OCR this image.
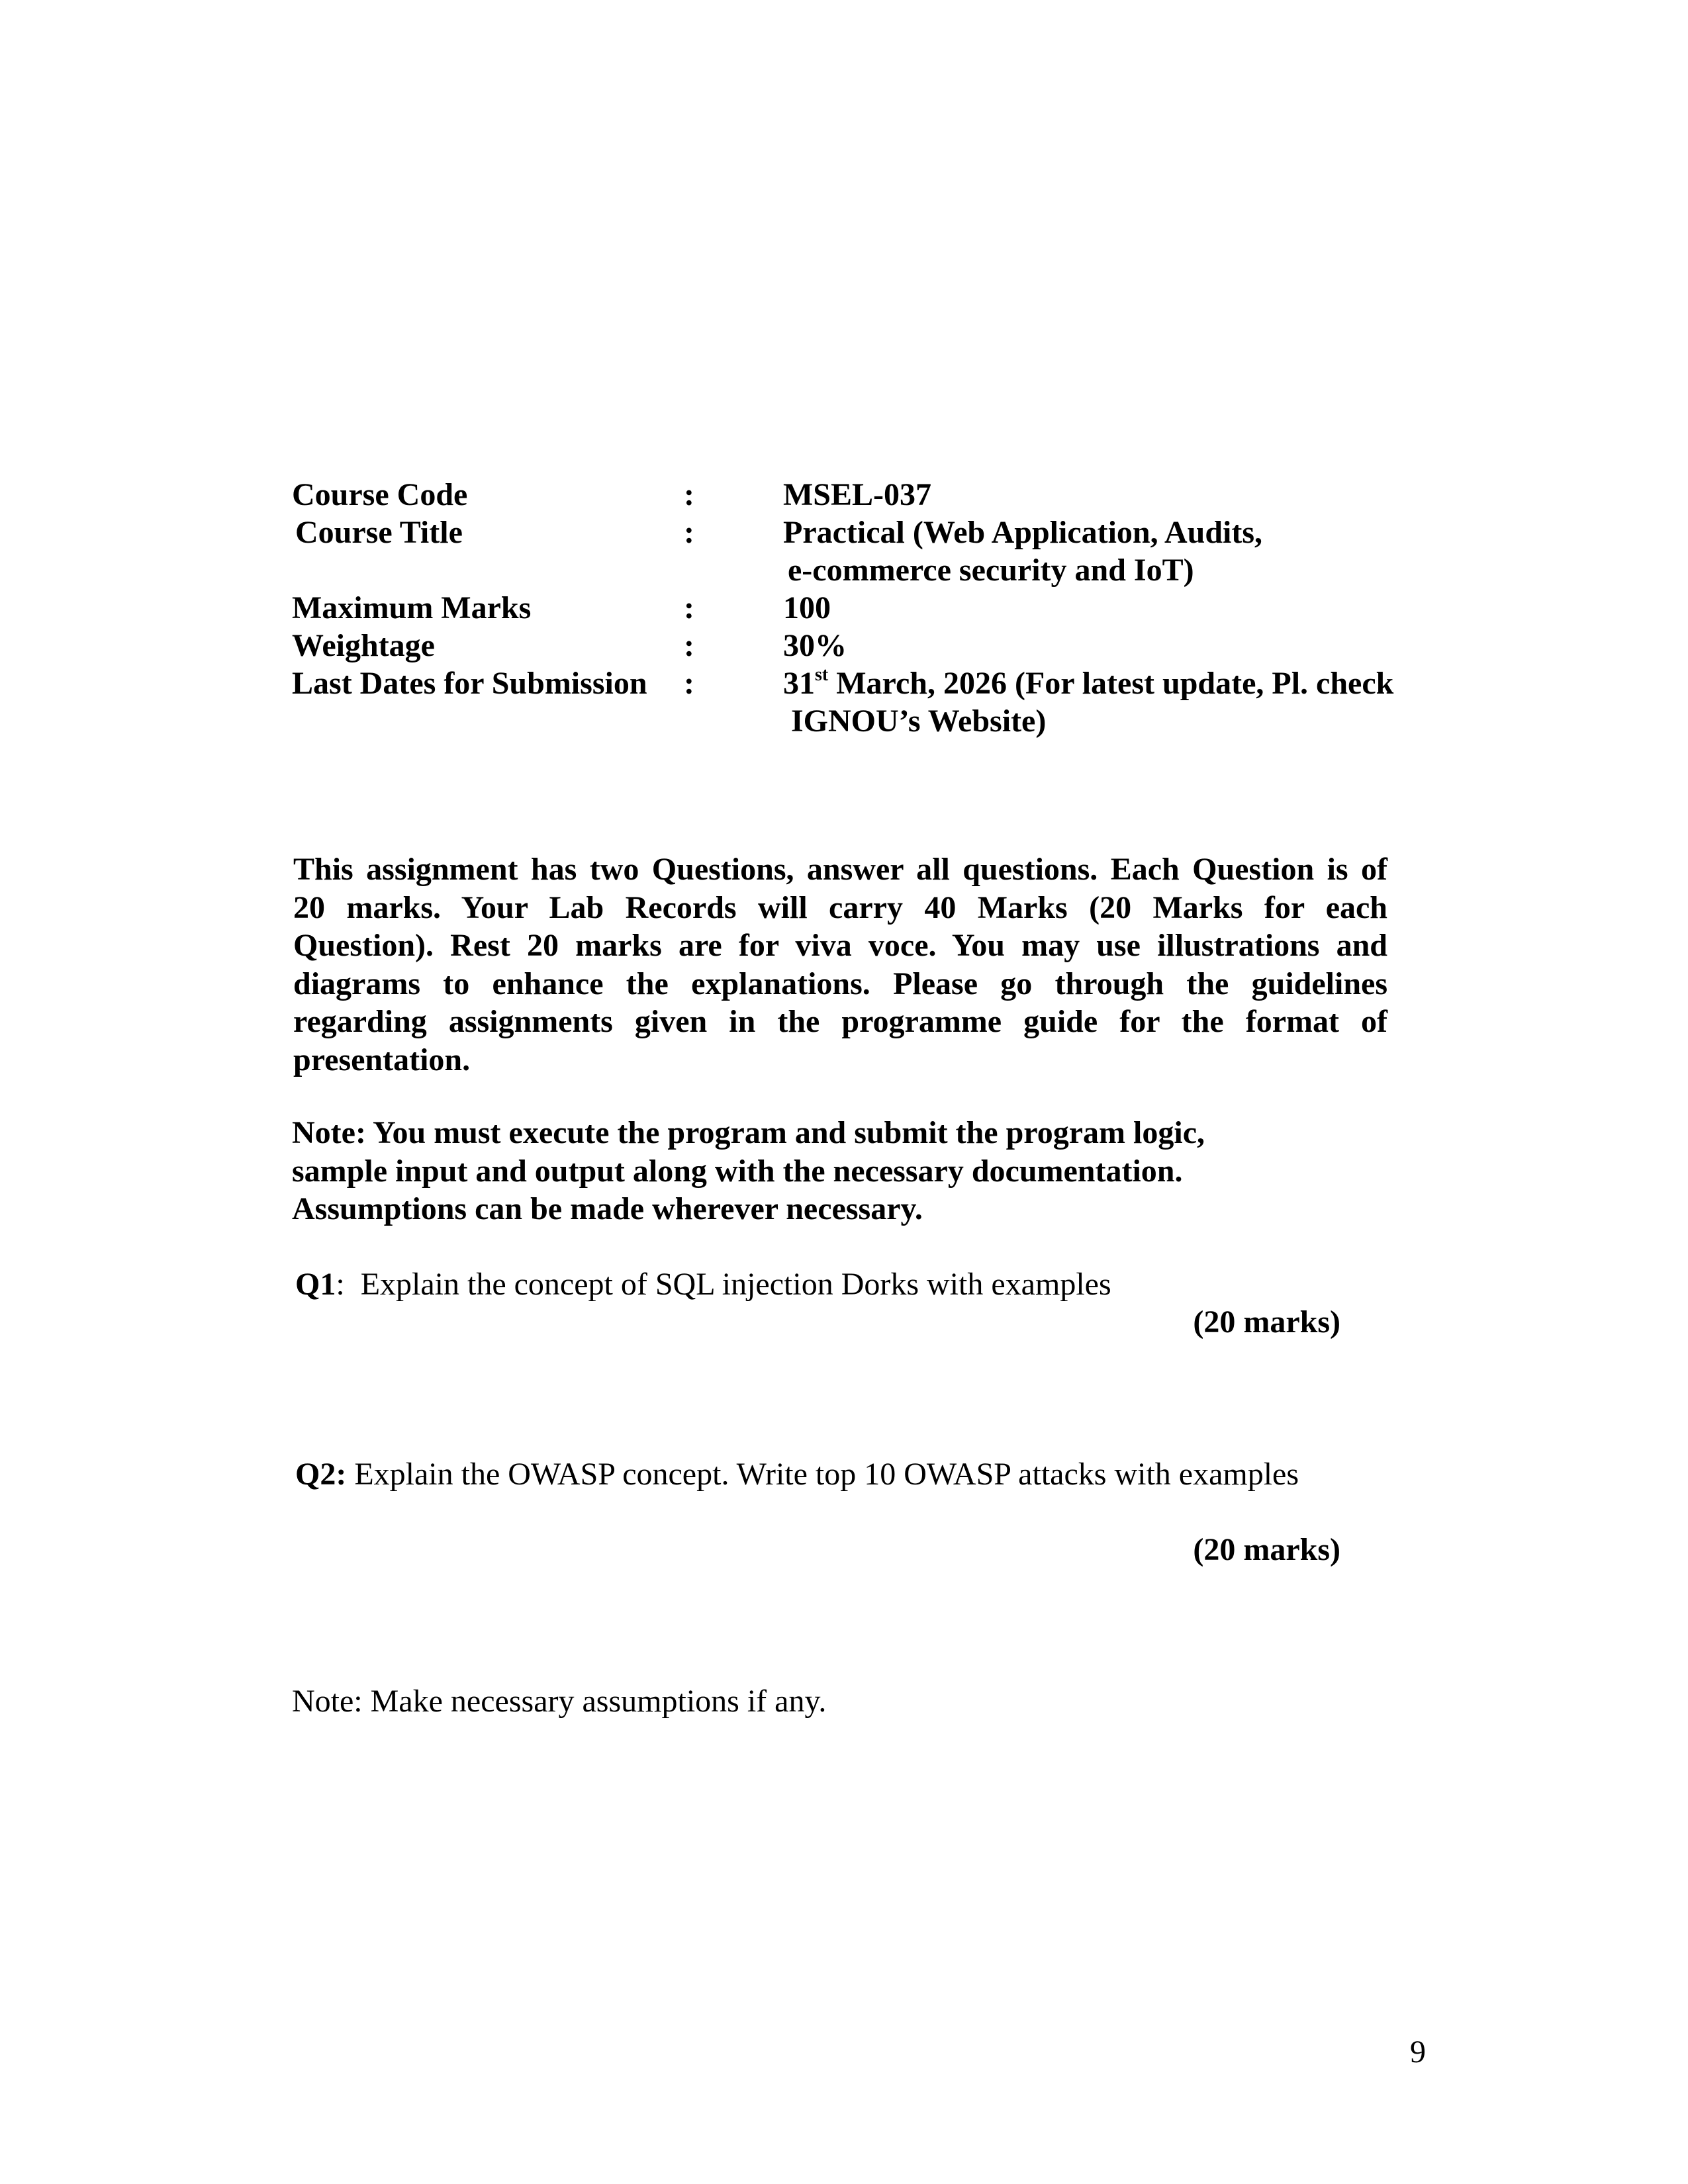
Course Code	:	MSEL-037
Course Title	:	Practical (Web Application, Audits,
e-commerce security and IoT)
Maximum Marks	:	100
Weightage	:	30%
Last Dates for Submission :	31st March, 2026 (For latest update, Pl. check
IGNOU’s Website)
This assignment has two Questions, answer all questions. Each Question is of
20 marks. Your Lab Records will carry 40 Marks (20 Marks for each
Question). Rest 20 marks are for viva voce. You may use illustrations and
diagrams to enhance the explanations. Please go through the guidelines
regarding assignments given in the programme guide for the format of
presentation.
Note: You must execute the program and submit the program logic,
sample input and output along with the necessary documentation.
Assumptions can be made wherever necessary.
Q1:  Explain the concept of SQL injection Dorks with examples
(20 marks)
Q2: Explain the OWASP concept. Write top 10 OWASP attacks with examples
(20 marks)
Note: Make necessary assumptions if any.
9
